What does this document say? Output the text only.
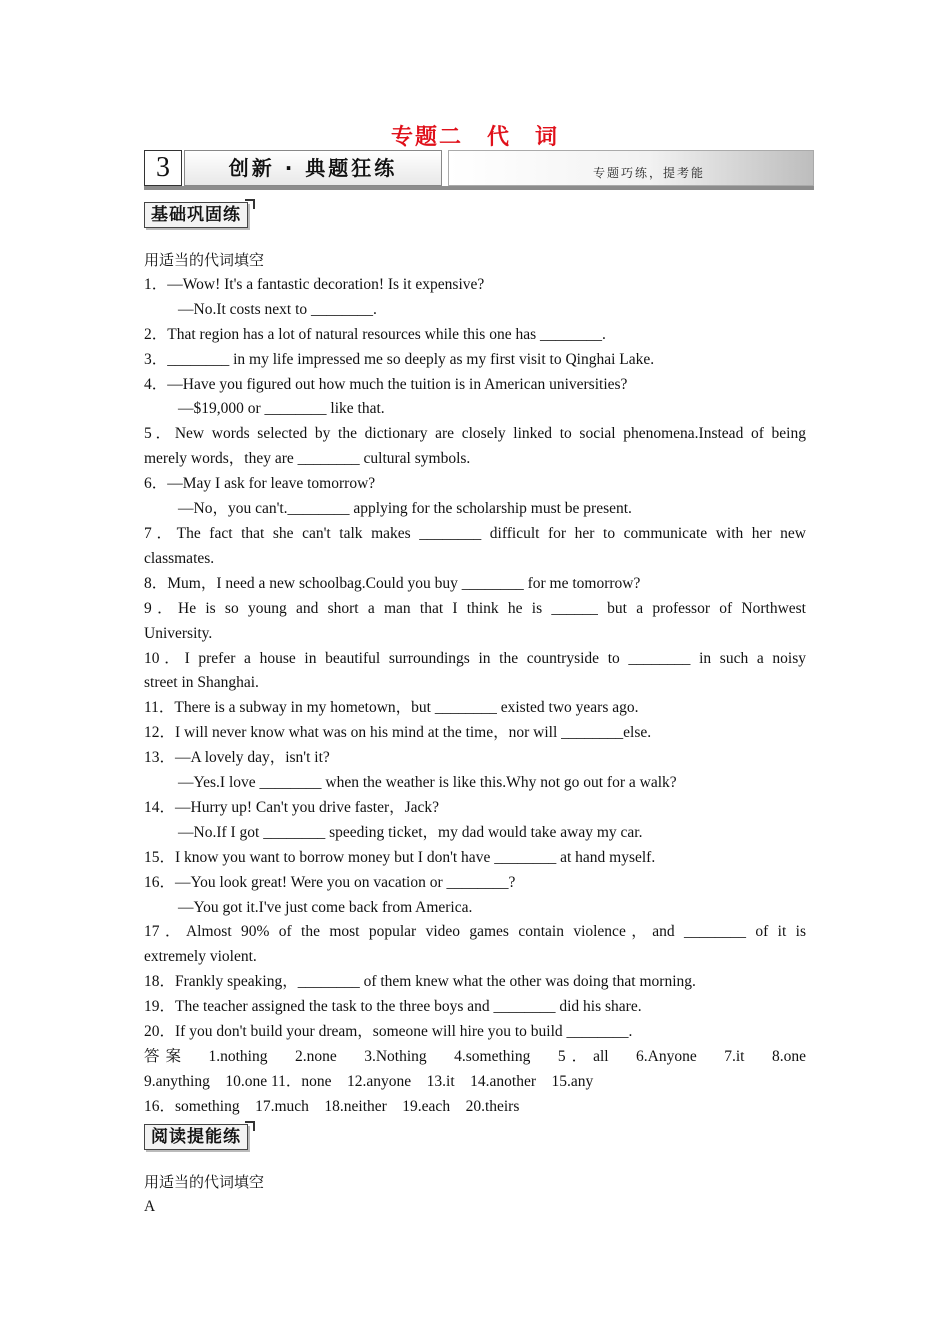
专题二　代　词
3	创新 · 典题狂练	专题巧练，提考能
基础巩固练
用适当的代词填空
1．—Wow! It's a fantastic decoration! Is it expensive?
—No.It costs next to ________.
2．That region has a lot of natural resources while this one has ________.
3．________ in my life impressed me so deeply as my first visit to Qinghai Lake.
4．—Have you figured out how much the tuition is in American universities?
—$19,000 or ________ like that.
5．New words selected by the dictionary are closely linked to social phenomena.Instead of being
merely words，they are ________ cultural symbols.
6．—May I ask for leave tomorrow?
—No，you can't.________ applying for the scholarship must be present.
7．The fact that she can't talk makes ________ difficult for her to communicate with her new
classmates.
8．Mum，I need a new schoolbag.Could you buy ________ for me tomorrow?
9．He is so young and short a man that I think he is ______ but a professor of Northwest
University.
10．I prefer a house in beautiful surroundings in the countryside to ________ in such a noisy
street in Shanghai.
11．There is a subway in my hometown，but ________ existed two years ago.
12．I will never know what was on his mind at the time，nor will ________else.
13．—A lovely day，isn't it?
—Yes.I love ________ when the weather is like this.Why not go out for a walk?
14．—Hurry up! Can't you drive faster，Jack?
—No.If I got ________ speeding ticket，my dad would take away my car.
15．I know you want to borrow money but I don't have ________ at hand myself.
16．—You look great! Were you on vacation or ________?
—You got it.I've just come back from America.
17．Almost 90% of the most popular video games contain violence，and ________ of it is
extremely violent.
18．Frankly speaking，________ of them knew what the other was doing that morning.
19．The teacher assigned the task to the three boys and ________ did his share.
20．If you don't build your dream，someone will hire you to build ________.
答案　1.nothing　2.none　3.Nothing　4.something　5．all　6.Anyone　7.it　8.one
9.anything　10.one 11．none　12.anyone　13.it　14.another　15.any
16．something　17.much　18.neither　19.each　20.theirs
阅读提能练
用适当的代词填空
A
